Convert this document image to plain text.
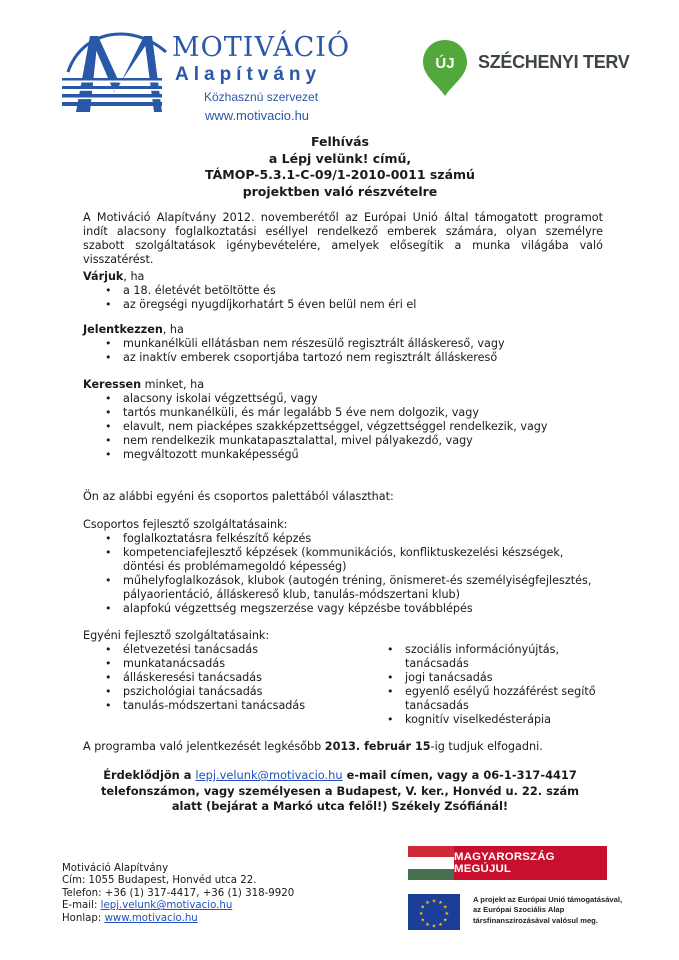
MOTIVÁCIÓ
Alapítvány
Közhasznú szervezet
www.motivacio.hu
ÚJ SZÉCHENYI TERV
Felhívás
a Lépj velünk! című,
TÁMOP-5.3.1-C-09/1-2010-0011 számú
projektben való részvételre
A Motiváció Alapítvány 2012. novemberétől az Európai Unió által támogatott programot indít alacsony foglalkoztatási eséllyel rendelkező emberek számára, olyan személyre szabott szolgáltatások igénybevételére, amelyek elősegítik a munka világába való visszatérést.
Várjuk, ha
• a 18. életévét betöltötte és
• az öregségi nyugdíjkorhatárt 5 éven belül nem éri el
Jelentkezzen, ha
• munkanélküli ellátásban nem részesülő regisztrált álláskereső, vagy
• az inaktív emberek csoportjába tartozó nem regisztrált álláskereső
Keressen minket, ha
• alacsony iskolai végzettségű, vagy
• tartós munkanélküli, és már legalább 5 éve nem dolgozik, vagy
• elavult, nem piacképes szakképzettséggel, végzettséggel rendelkezik, vagy
• nem rendelkezik munkatapasztalattal, mivel pályakezdő, vagy
• megváltozott munkaképességű
Ön az alábbi egyéni és csoportos palettából választhat:
Csoportos fejlesztő szolgáltatásaink:
• foglalkoztatásra felkészítő képzés
• kompetenciafejlesztő képzések (kommunikációs, konfliktuskezelési készségek, döntési és problémamegoldó képesség)
• műhelyfoglalkozások, klubok (autogén tréning, önismeret-és személyiségfejlesztés, pályaorientáció, álláskereső klub, tanulás-módszertani klub)
• alapfokú végzettség megszerzése vagy képzésbe továbblépés
Egyéni fejlesztő szolgáltatásaink:
• életvezetési tanácsadás
• munkatanácsadás
• álláskeresési tanácsadás
• pszichológiai tanácsadás
• tanulás-módszertani tanácsadás
• szociális információnyújtás, tanácsadás
• jogi tanácsadás
• egyenlő esélyű hozzáférést segítő tanácsadás
• kognitív viselkedésterápia
A programba való jelentkezését legkésőbb 2013. február 15-ig tudjuk elfogadni.
Érdeklődjön a lepj.velunk@motivacio.hu e-mail címen, vagy a 06-1-317-4417 telefonszámon, vagy személyesen a Budapest, V. ker., Honvéd u. 22. szám alatt (bejárat a Markó utca felől!) Székely Zsófiánál!
Motiváció Alapítvány
Cím: 1055 Budapest, Honvéd utca 22.
Telefon: +36 (1) 317-4417, +36 (1) 318-9920
E-mail: lepj.velunk@motivacio.hu
Honlap: www.motivacio.hu
MAGYARORSZÁG MEGÚJUL
★ ★
★
★
★
★
★
★
★
★
★
★	A projekt az Európai Unió támogatásával,
az Európai Szociális Alap
társfinanszírozásával valósul meg.
